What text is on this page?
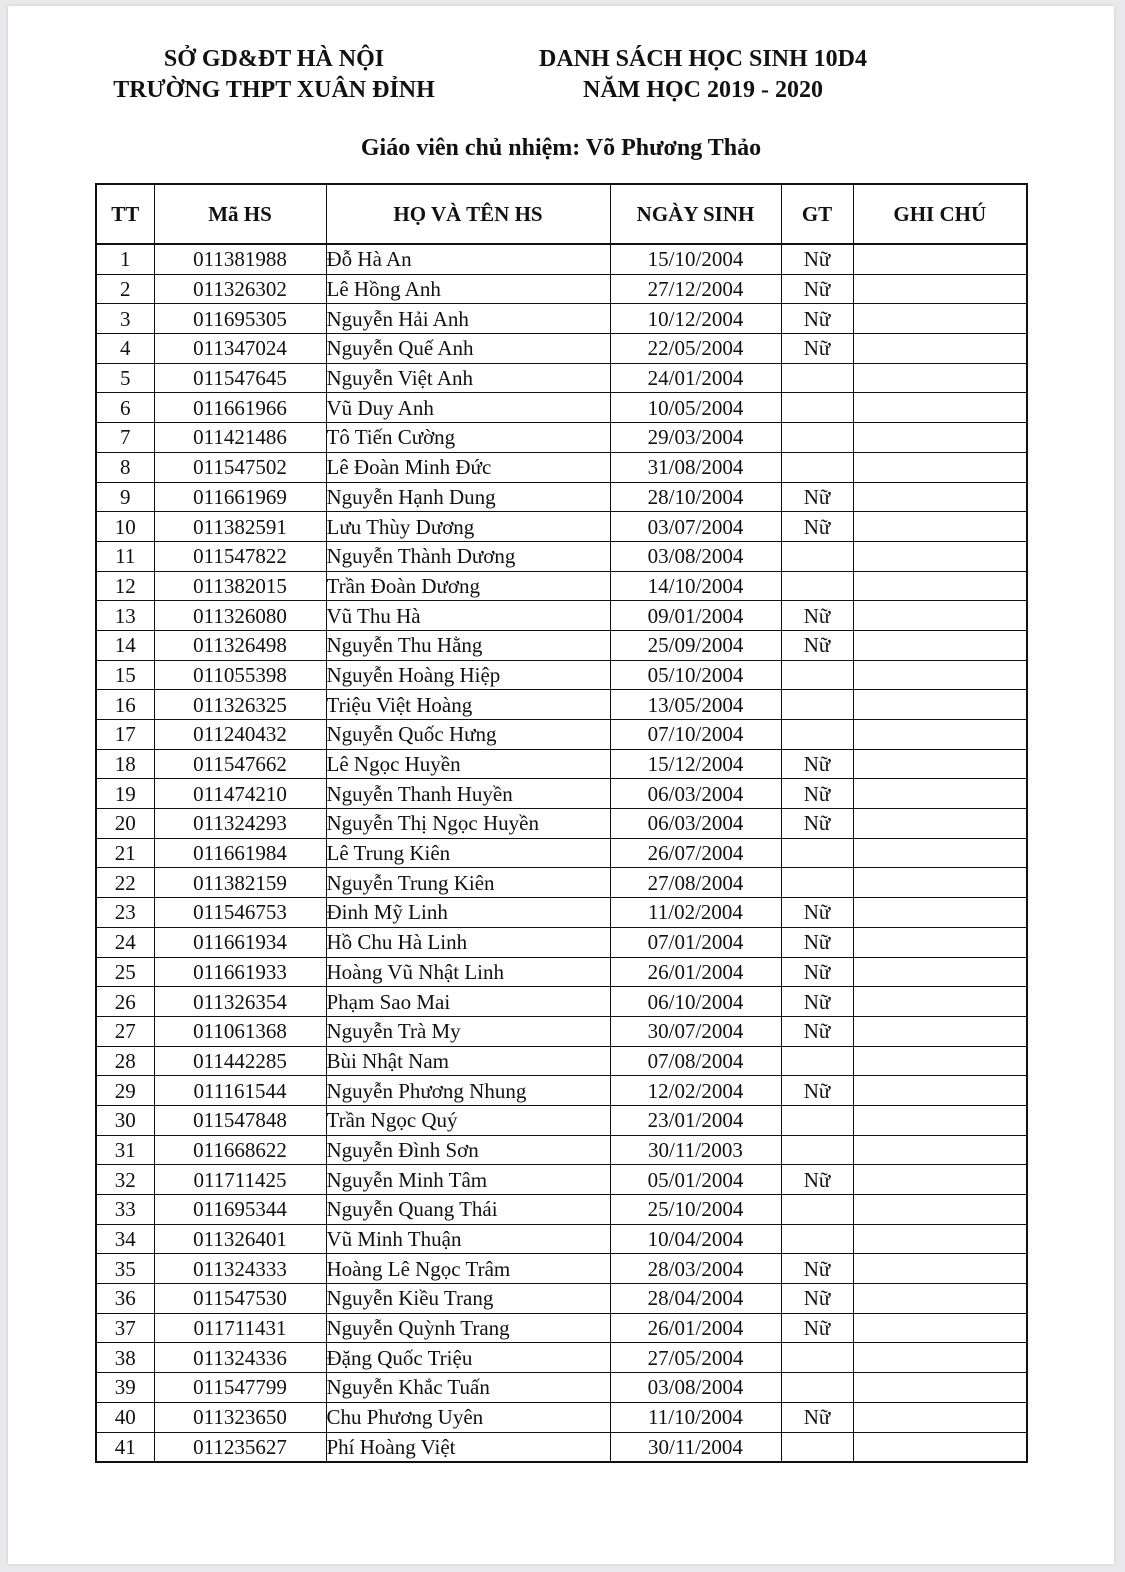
SỞ GD&ĐT HÀ NỘI
TRƯỜNG THPT XUÂN ĐỈNH
DANH SÁCH HỌC SINH 10D4
NĂM HỌC 2019 - 2020
Giáo viên chủ nhiệm: Võ Phương Thảo
TT	Mã HS	HỌ VÀ TÊN HS	NGÀY SINH	GT	GHI CHÚ
1	011381988	Đỗ Hà An	15/10/2004	Nữ	
2	011326302	Lê Hồng Anh	27/12/2004	Nữ	
3	011695305	Nguyễn Hải Anh	10/12/2004	Nữ	
4	011347024	Nguyễn Quế Anh	22/05/2004	Nữ	
5	011547645	Nguyễn Việt Anh	24/01/2004		
6	011661966	Vũ Duy Anh	10/05/2004		
7	011421486	Tô Tiến Cường	29/03/2004		
8	011547502	Lê Đoàn Minh Đức	31/08/2004		
9	011661969	Nguyễn Hạnh Dung	28/10/2004	Nữ	
10	011382591	Lưu Thùy Dương	03/07/2004	Nữ	
11	011547822	Nguyễn Thành Dương	03/08/2004		
12	011382015	Trần Đoàn Dương	14/10/2004		
13	011326080	Vũ Thu Hà	09/01/2004	Nữ	
14	011326498	Nguyễn Thu Hằng	25/09/2004	Nữ	
15	011055398	Nguyễn Hoàng Hiệp	05/10/2004		
16	011326325	Triệu Việt Hoàng	13/05/2004		
17	011240432	Nguyễn Quốc Hưng	07/10/2004		
18	011547662	Lê Ngọc Huyền	15/12/2004	Nữ	
19	011474210	Nguyễn Thanh Huyền	06/03/2004	Nữ	
20	011324293	Nguyễn Thị Ngọc Huyền	06/03/2004	Nữ	
21	011661984	Lê Trung Kiên	26/07/2004		
22	011382159	Nguyễn Trung Kiên	27/08/2004		
23	011546753	Đinh Mỹ Linh	11/02/2004	Nữ	
24	011661934	Hồ Chu Hà Linh	07/01/2004	Nữ	
25	011661933	Hoàng Vũ Nhật Linh	26/01/2004	Nữ	
26	011326354	Phạm Sao Mai	06/10/2004	Nữ	
27	011061368	Nguyễn Trà My	30/07/2004	Nữ	
28	011442285	Bùi Nhật Nam	07/08/2004		
29	011161544	Nguyễn Phương Nhung	12/02/2004	Nữ	
30	011547848	Trần Ngọc Quý	23/01/2004		
31	011668622	Nguyễn Đình Sơn	30/11/2003		
32	011711425	Nguyễn Minh Tâm	05/01/2004	Nữ	
33	011695344	Nguyễn Quang Thái	25/10/2004		
34	011326401	Vũ Minh Thuận	10/04/2004		
35	011324333	Hoàng Lê Ngọc Trâm	28/03/2004	Nữ	
36	011547530	Nguyễn Kiều Trang	28/04/2004	Nữ	
37	011711431	Nguyễn Quỳnh Trang	26/01/2004	Nữ	
38	011324336	Đặng Quốc Triệu	27/05/2004		
39	011547799	Nguyễn Khắc Tuấn	03/08/2004		
40	011323650	Chu Phương Uyên	11/10/2004	Nữ	
41	011235627	Phí Hoàng Việt	30/11/2004		
